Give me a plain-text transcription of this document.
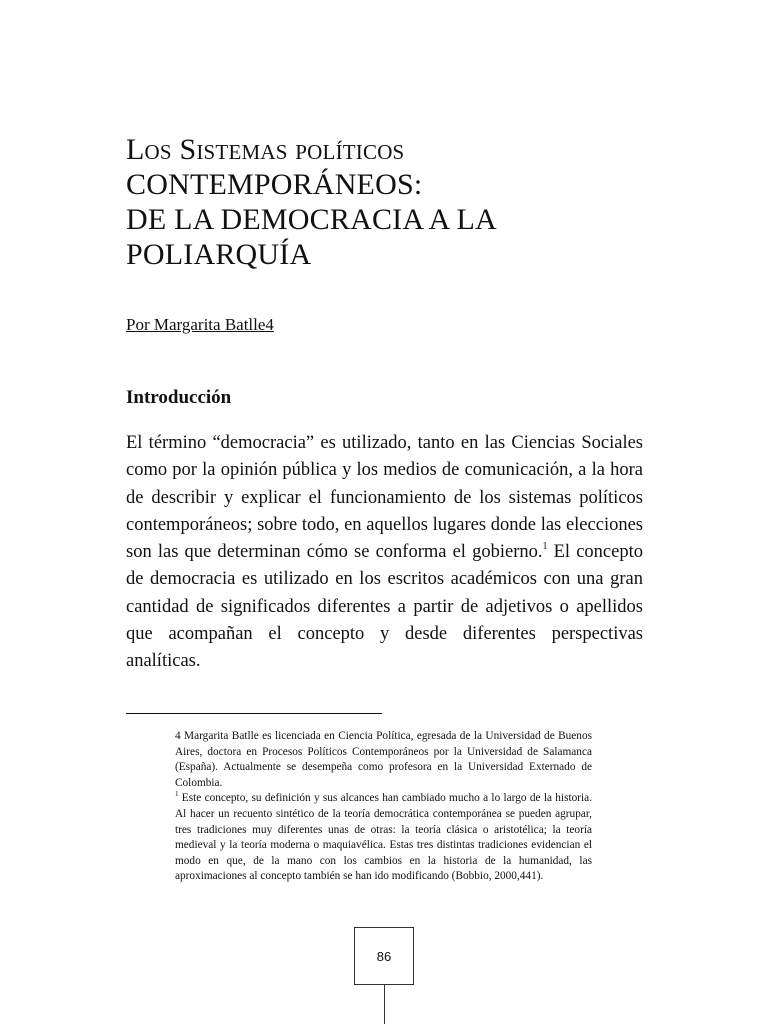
Los Sistemas políticos
CONTEMPORÁNEOS:
DE LA DEMOCRACIA A LA
POLIARQUÍA
Por Margarita Batlle4
Introducción

El término “democracia” es utilizado, tanto en las Ciencias Sociales como por la opinión pública y los medios de comunicación, a la hora de describir y explicar el funcionamiento de los sistemas políticos contemporáneos; sobre todo, en aquellos lugares donde las elecciones son las que determinan cómo se conforma el gobierno.$^1$ El concepto de democracia es utilizado en los escritos académicos con una gran cantidad de significados diferentes a partir de adjetivos o apellidos que acompañan el concepto y desde diferentes perspectivas analíticas.

4 Margarita Batlle es licenciada en Ciencia Política, egresada de la Universidad de Buenos Aires, doctora en Procesos Políticos Contemporáneos por la Universidad de Salamanca (España). Actualmente se desempeña como profesora en la Universidad Externado de Colombia.

$^1$ Este concepto, su definición y sus alcances han cambiado mucho a lo largo de la historia. Al hacer un recuento sintético de la teoría democrática contemporánea se pueden agrupar, tres tradiciones muy diferentes unas de otras: la teoría clásica o aristotélica; la teoría medieval y la teoría moderna o maquiavélica. Estas tres distintas tradiciones evidencian el modo en que, de la mano con los cambios en la historia de la humanidad, las aproximaciones al concepto también se han ido modificando (Bobbio, 2000,441).

86
